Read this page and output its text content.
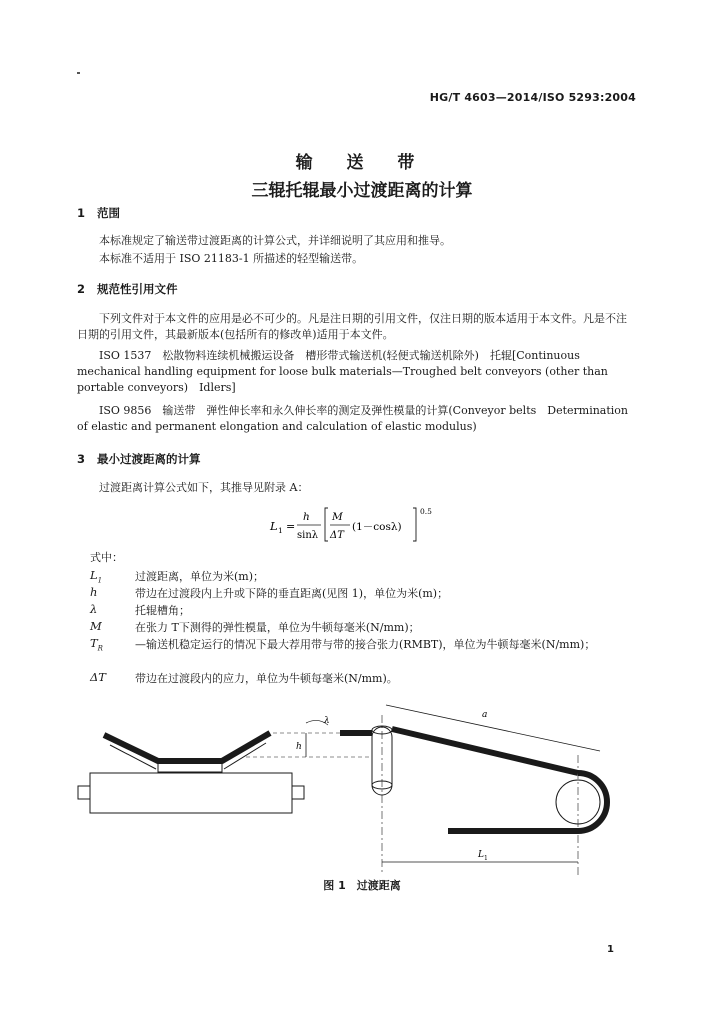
HG/T 4603—2014/ISO 5293:2004
输 送 带
三辊托辊最小过渡距离的计算
1 范围
本标准规定了输送带过渡距离的计算公式，并详细说明了其应用和推导。
本标准不适用于 ISO 21183-1 所描述的轻型输送带。
2 规范性引用文件
下列文件对于本文件的应用是必不可少的。凡是注日期的引用文件，仅注日期的版本适用于本文件。凡是不注日期的引用文件，其最新版本(包括所有的修改单)适用于本文件。
ISO 1537　松散物料连续机械搬运设备　槽形带式输送机(轻便式输送机除外)　托辊[Continuous mechanical handling equipment for loose bulk materials—Troughed belt conveyors (other than portable conveyors)　Idlers]
ISO 9856　输送带　弹性伸长率和永久伸长率的测定及弹性模量的计算(Conveyor belts　Determination of elastic and permanent elongation and calculation of elastic modulus)
3 最小过渡距离的计算
过渡距离计算公式如下，其推导见附录 A：
L 1 =
h
sinλ
M
ΔT
(1－cosλ)
0.5
式中：
$L_1$	过渡距离，单位为米(m)；
h	带边在过渡段内上升或下降的垂直距离(见图 1)，单位为米(m)；
λ	托辊槽角；
M	在张力 T下测得的弹性模量，单位为牛顿每毫米(N/mm)；
$T_R$	—输送机稳定运行的情况下最大荐用带与带的接合张力(RMBT)，单位为牛顿每毫米(N/mm)；
ΔT	带边在过渡段内的应力，单位为牛顿每毫米(N/mm)。
h
λ
a
L 1
图 1　过渡距离
1
